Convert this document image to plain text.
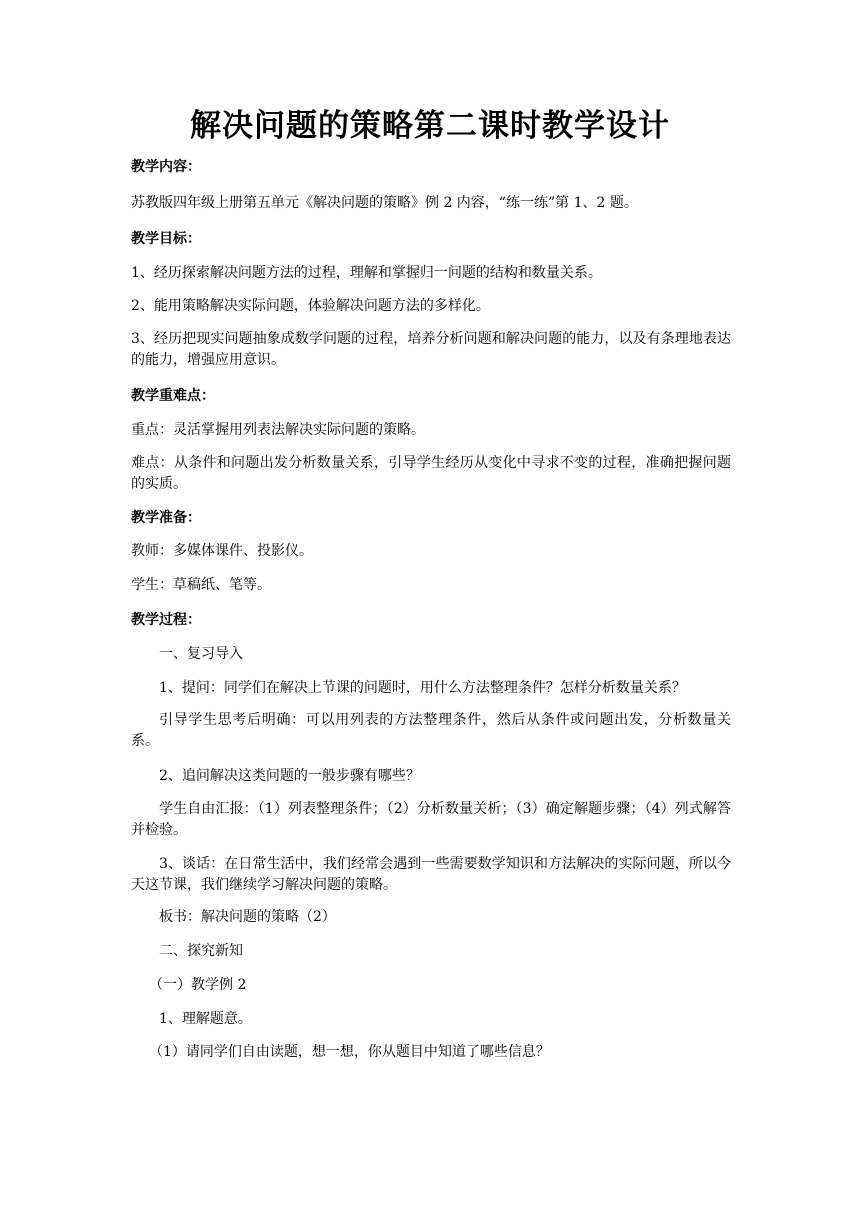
解决问题的策略第二课时教学设计
教学内容：
苏教版四年级上册第五单元《解决问题的策略》例 2 内容，“练一练”第 1、2 题。
教学目标：
1、经历探索解决问题方法的过程，理解和掌握归一问题的结构和数量关系。
2、能用策略解决实际问题，体验解决问题方法的多样化。
3、经历把现实问题抽象成数学问题的过程，培养分析问题和解决问题的能力，以及有条理地表达的能力，增强应用意识。
教学重难点：
重点：灵活掌握用列表法解决实际问题的策略。
难点：从条件和问题出发分析数量关系，引导学生经历从变化中寻求不变的过程，准确把握问题的实质。
教学准备：
教师：多媒体课件、投影仪。
学生：草稿纸、笔等。
教学过程：
一、复习导入
1、提问：同学们在解决上节课的问题时，用什么方法整理条件？怎样分析数量关系？
引导学生思考后明确：可以用列表的方法整理条件，然后从条件或问题出发，分析数量关系。
2、追问解决这类问题的一般步骤有哪些？
学生自由汇报：（1）列表整理条件；（2）分析数量关析；（3）确定解题步骤；（4）列式解答并检验。
3、谈话：在日常生活中，我们经常会遇到一些需要数学知识和方法解决的实际问题，所以今天这节课，我们继续学习解决问题的策略。
板书：解决问题的策略（2）
二、探究新知
（一）教学例 2
1、理解题意。
（1）请同学们自由读题，想一想，你从题目中知道了哪些信息？
